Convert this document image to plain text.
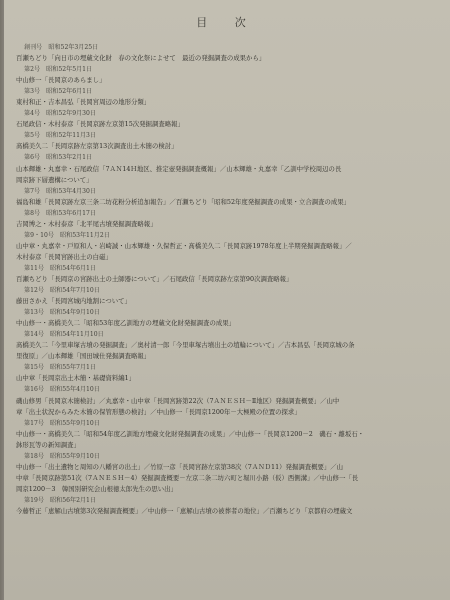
目 次
創刊号　昭和52年3月25日
百瀬ちどり「向日市の埋蔵文化財　春の文化祭によせて　最近の発掘調査の成果から」
第2号　昭和52年5月1日
中山修一「長岡京のあらまし」
第3号　昭和52年6月1日
東村和正・吉本昌弘「長岡宮周辺の地形分類」
第4号　昭和52年9月30日
石尾政信・木村泰彦「長岡京跡左京第15次発掘調査略報」
第5号　昭和52年11月3日
髙橋美久二「長岡京跡左京第13次調査出土木簡の検討」
第6号　昭和53年2月1日
山本輝雄・丸嘉幸・石尾政信「7ＡＮ14Ｈ地区、推定壺発掘調査概報」／山本輝雄・丸嘉幸「乙訓中学校周辺の長
岡京跡下層遺構について」
第7号　昭和53年4月30日
福島和雄「長岡京跡左京三条二坊花粉分析追加報告」／百瀬ちどり「昭和52年度発掘調査の成果・立合調査の成果」
第8号　昭和53年6月17日
吉岡博之・木村泰彦「北平尾古墳発掘調査略報」
第9・10号　昭和53年11月2日
山中章・丸嘉幸・戸原和人・岩崎誠・山本輝雄・久保哲正・髙橋美久二「長岡京跡1978年度上半期発掘調査略報」／
木村泰彦「長岡宮跡出土の白磁」
第11号　昭和54年6月1日
百瀬ちどり「長岡京の宮跡出土の土師器について」／石尾政信「長岡京跡左京第90次調査略報」
第12号　昭和54年7月10日
藤田さかえ「長岡宮城内地割について」
第13号　昭和54年9月10日
中山修一・髙橋美久二「昭和53年度乙訓地方の埋蔵文化財発掘調査の成果」
第14号　昭和54年11月10日
髙橋美久二「今里車塚古墳の発掘調査」／奥村清一郎「今里車塚古墳出土の埴輪について」／吉本昌弘「長岡京城の条
里復原」／山本輝雄「国田城仕発掘調査略報」
第15号　昭和55年7月1日
山中章「長岡京出土木簡・基礎資料編1」
第16号　昭和55年4月10日
磯山修男「長岡京木簡検討」／丸嘉幸・山中章「長岡宮跡第22次（7ＡＮＥＳＨ－Ⅱ地区）発掘調査概要」／山中
章「出土状況からみた木簡の保管形態の検討」／中山修一「長岡京1200年－大極殿の位置の探求」
第17号　昭和55年9月10日
中山修一・髙橋美久二「昭和54年度乙訓地方埋蔵文化財発掘調査の成果」／中山修一「長岡京1200－2　磯石・離坂石・
鉢形瓦等の新知調査」
第18号　昭和55年9月10日
中山修一「出土遺物と周知の八幡宮の出土」／竹原一彦「長岡宮跡左京第38次（7ＡＮＤ11）発掘調査概要」／山
中章「長岡京跡第51次（7ＡＮＥＳＨ－4）発掘調査概要－左京二条二坊六町と堀川小路（仮）西側溝」／中山修一「長
岡京1200－3　韓国別研究会山根徳太郎先生の思い出」
第19号　昭和56年2月1日
今藤哲正「恵解山古墳第3次発掘調査概要」／中山修一「恵解山古墳の被葬者の地位」／百瀬ちどり「京都府の埋蔵文
